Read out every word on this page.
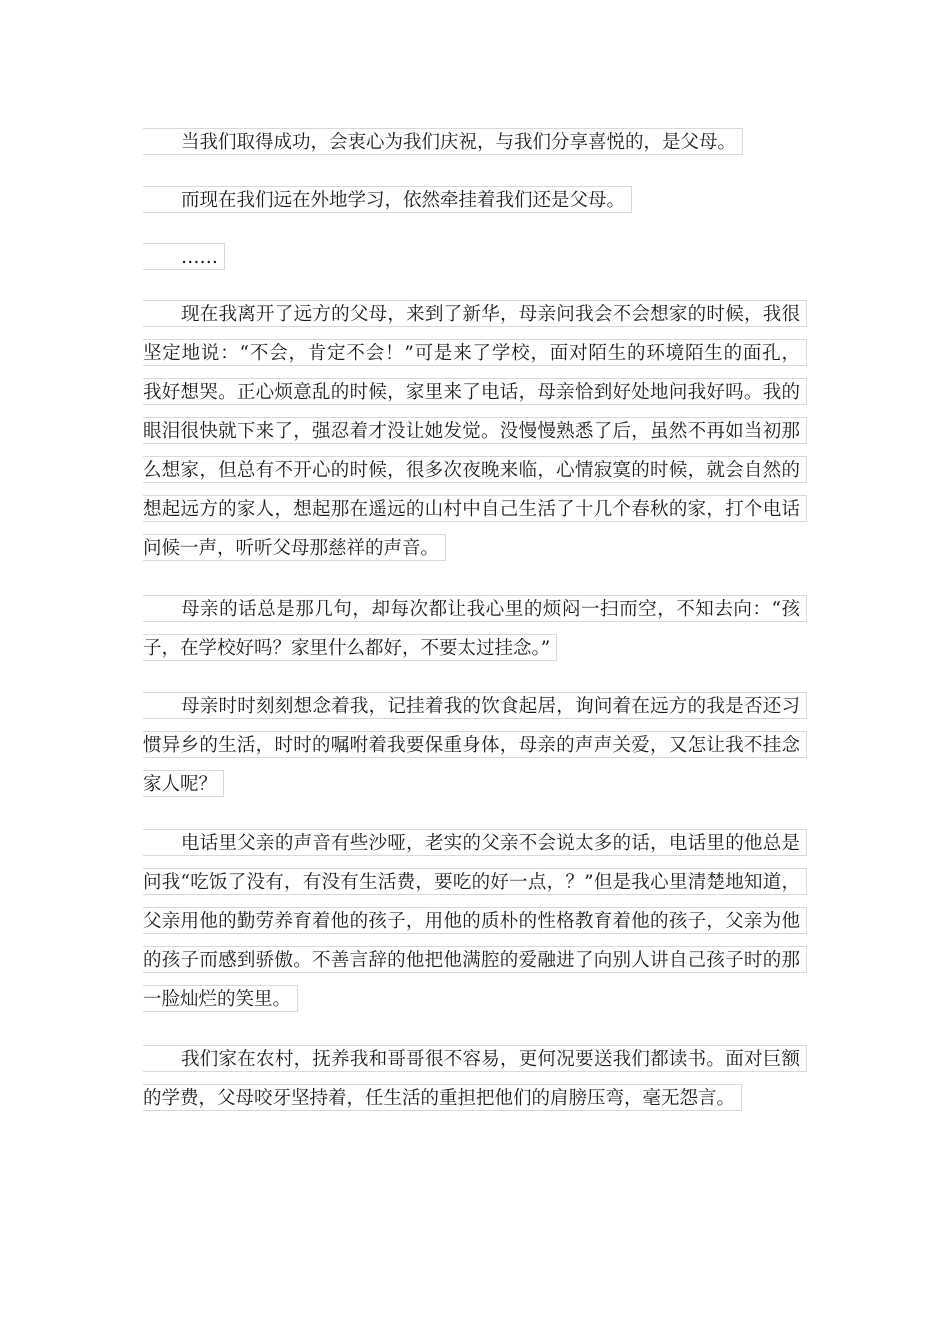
当我们取得成功，会衷心为我们庆祝，与我们分享喜悦的，是父母。
而现在我们远在外地学习，依然牵挂着我们还是父母。
……
现在我离开了远方的父母，来到了新华，母亲问我会不会想家的时候，我很
坚定地说：“不会，肯定不会！”可是来了学校，面对陌生的环境陌生的面孔，
我好想哭。正心烦意乱的时候，家里来了电话，母亲恰到好处地问我好吗。我的
眼泪很快就下来了，强忍着才没让她发觉。没慢慢熟悉了后，虽然不再如当初那
么想家，但总有不开心的时候，很多次夜晚来临，心情寂寞的时候，就会自然的
想起远方的家人，想起那在遥远的山村中自己生活了十几个春秋的家，打个电话
问候一声，听听父母那慈祥的声音。
母亲的话总是那几句，却每次都让我心里的烦闷一扫而空，不知去向：“孩
子，在学校好吗？家里什么都好，不要太过挂念。”
母亲时时刻刻想念着我，记挂着我的饮食起居，询问着在远方的我是否还习
惯异乡的生活，时时的嘱咐着我要保重身体，母亲的声声关爱，又怎让我不挂念
家人呢？
电话里父亲的声音有些沙哑，老实的父亲不会说太多的话，电话里的他总是
问我“吃饭了没有，有没有生活费，要吃的好一点，？”但是我心里清楚地知道，
父亲用他的勤劳养育着他的孩子，用他的质朴的性格教育着他的孩子，父亲为他
的孩子而感到骄傲。不善言辞的他把他满腔的爱融进了向别人讲自己孩子时的那
一脸灿烂的笑里。
我们家在农村，抚养我和哥哥很不容易，更何况要送我们都读书。面对巨额
的学费，父母咬牙坚持着，任生活的重担把他们的肩膀压弯，毫无怨言。
